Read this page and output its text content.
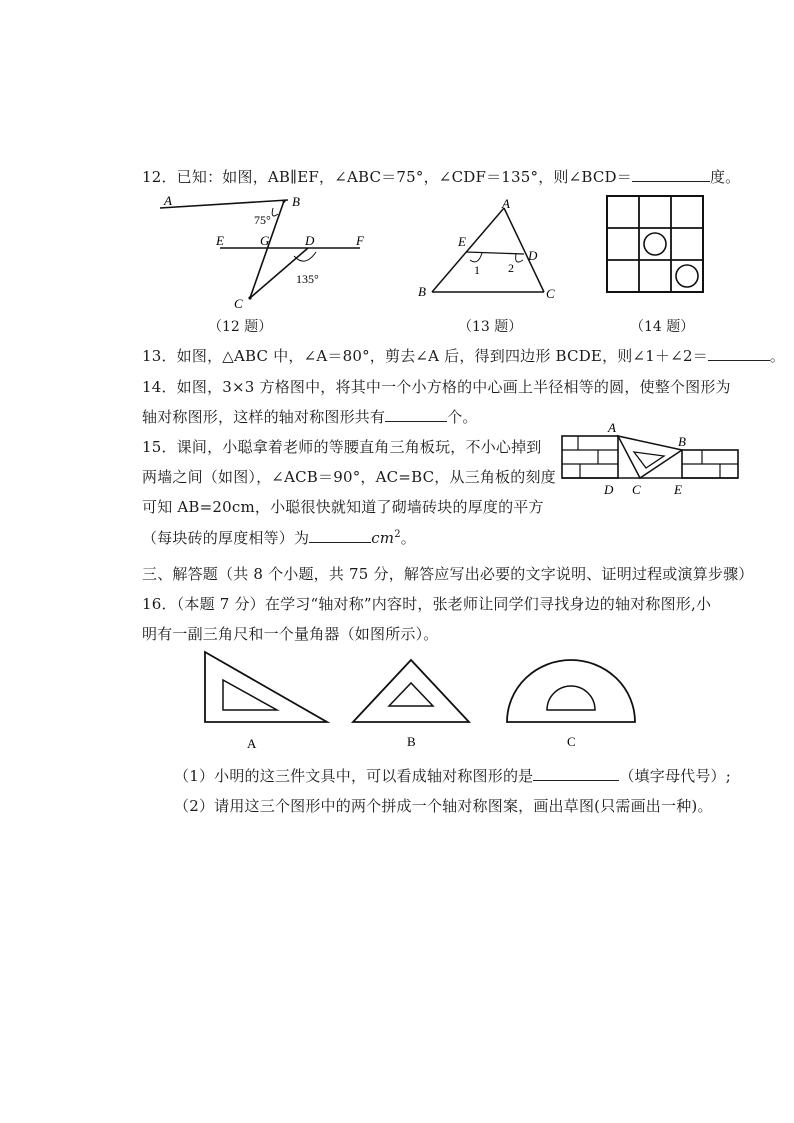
12．已知：如图，AB∥EF，∠ABC＝75°，∠CDF＝135°，则∠BCD＝	度。
A	B
75°
E	G	D	F
135°
C
（12 题）
A
E
D
1 2
B	C
（13 题）	（14 题）
13．如图，△ABC 中，∠A＝80°，剪去∠A 后，得到四边形 BCDE，则∠1＋∠2＝	。
14．如图，3×3 方格图中，将其中一个小方格的中心画上半径相等的圆，使整个图形为
轴对称图形，这样的轴对称图形共有	个。
15．课间，小聪拿着老师的等腰直角三角板玩，不小心掉到
两墙之间（如图），∠ACB＝90°，AC=BC，从三角板的刻度
可知 AB=20cm，小聪很快就知道了砌墙砖块的厚度的平方
（每块砖的厚度相等）为	$cm^2$。
A
B
D C	E
三、解答题（共 8 个小题，共 75 分，解答应写出必要的文字说明、证明过程或演算步骤）
16．（本题 7 分）在学习“轴对称”内容时，张老师让同学们寻找身边的轴对称图形,小
明有一副三角尺和一个量角器（如图所示）。
A	B	C
（1）小明的这三件文具中，可以看成轴对称图形的是	（填字母代号）;
（2）请用这三个图形中的两个拼成一个轴对称图案，画出草图(只需画出一种)。
